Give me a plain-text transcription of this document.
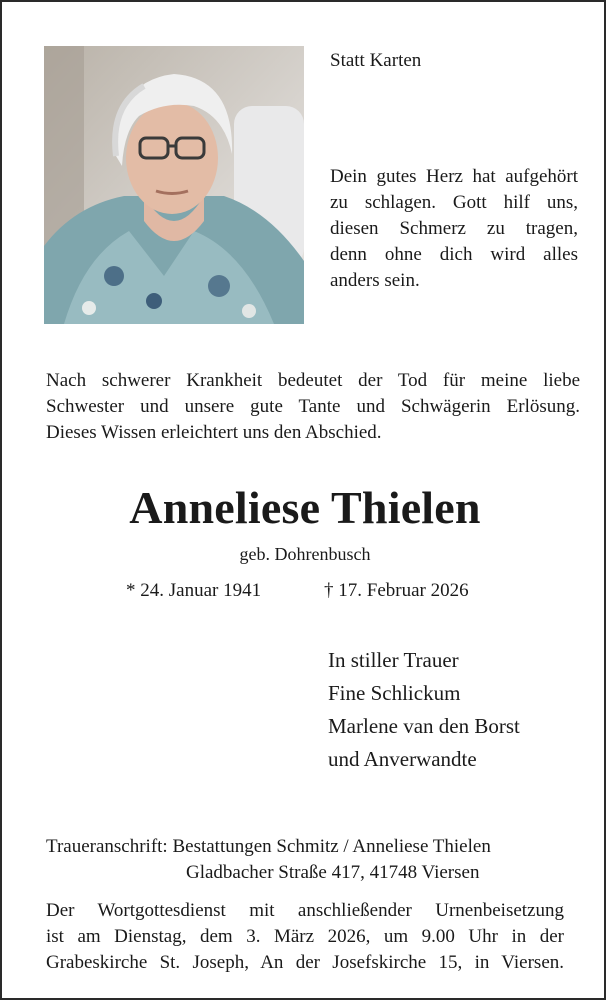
Statt Karten
Dein gutes Herz hat aufgehört
zu schlagen. Gott hilf uns,
diesen Schmerz zu tragen,
denn ohne dich wird alles
anders sein.
Nach schwerer Krankheit bedeutet der Tod für meine liebe
Schwester und unsere gute Tante und Schwägerin Erlösung.
Dieses Wissen erleichtert uns den Abschied.
Anneliese Thielen
geb. Dohrenbusch
* 24. Januar 1941	† 17. Februar 2026
In stiller Trauer
Fine Schlickum
Marlene van den Borst
und Anverwandte
Traueranschrift: Bestattungen Schmitz / Anneliese Thielen
Gladbacher Straße 417, 41748 Viersen
Der Wortgottesdienst mit anschließender Urnenbeisetzung
ist am Dienstag, dem 3. März 2026, um 9.00 Uhr in der
Grabeskirche St. Joseph, An der Josefskirche 15, in Viersen.
